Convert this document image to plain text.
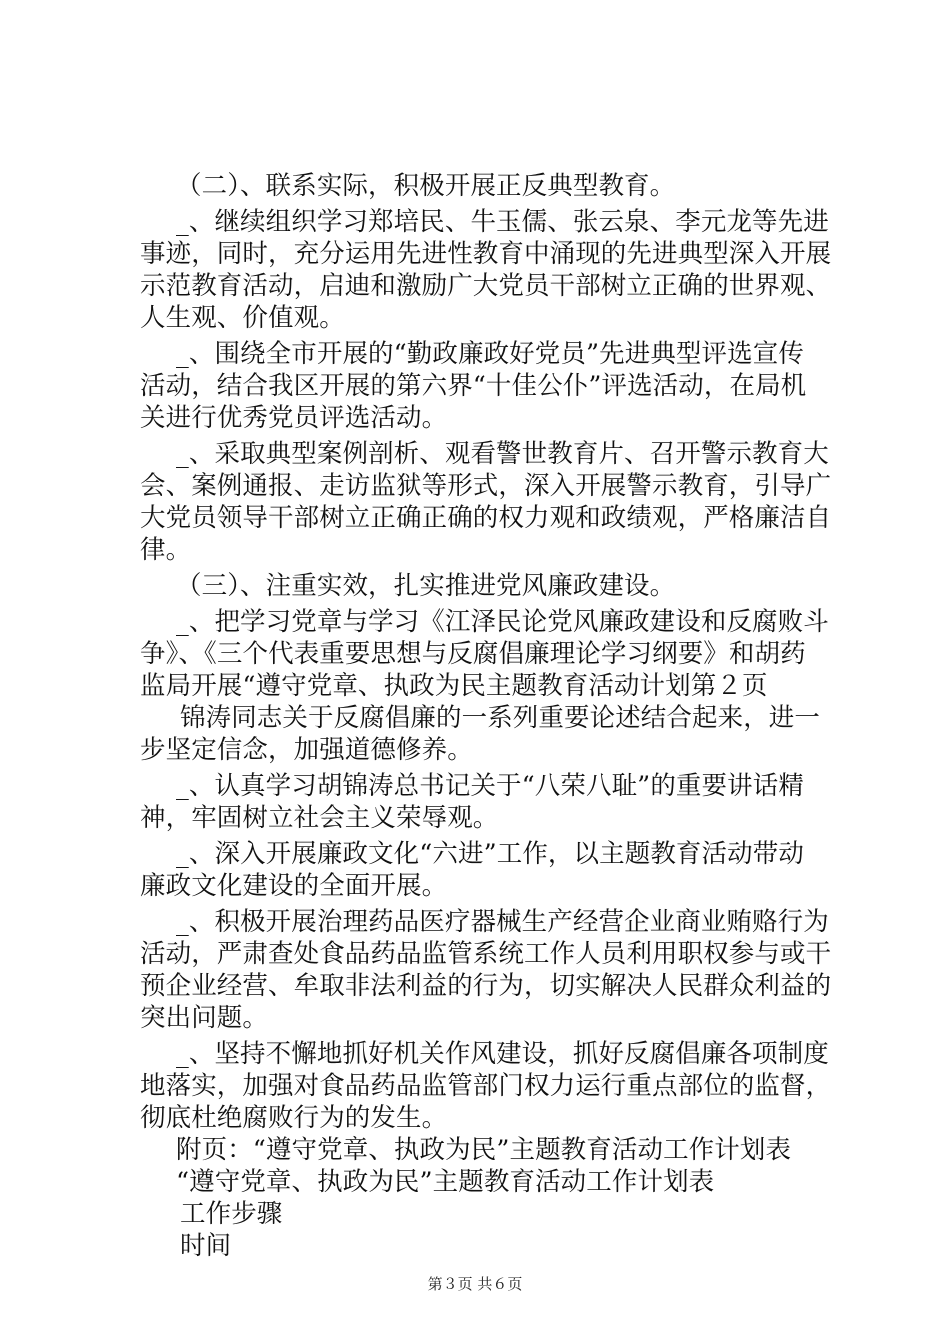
（二）、联系实际，积极开展正反典型教育。
_、继续组织学习郑培民、牛玉儒、张云泉、李元龙等先进
事迹，同时，充分运用先进性教育中涌现的先进典型深入开展
示范教育活动，启迪和激励广大党员干部树立正确的世界观、
人生观、价值观。
_、围绕全市开展的“勤政廉政好党员”先进典型评选宣传
活动，结合我区开展的第六界“十佳公仆”评选活动，在局机
关进行优秀党员评选活动。
_、采取典型案例剖析、观看警世教育片、召开警示教育大
会、案例通报、走访监狱等形式，深入开展警示教育，引导广
大党员领导干部树立正确正确的权力观和政绩观，严格廉洁自
律。
（三）、注重实效，扎实推进党风廉政建设。
_、把学习党章与学习《江泽民论党风廉政建设和反腐败斗
争》、《三个代表重要思想与反腐倡廉理论学习纲要》和胡药
监局开展“遵守党章、执政为民主题教育活动计划第２页
锦涛同志关于反腐倡廉的一系列重要论述结合起来，进一
步坚定信念，加强道德修养。
_、认真学习胡锦涛总书记关于“八荣八耻”的重要讲话精
神，牢固树立社会主义荣辱观。
_、深入开展廉政文化“六进”工作，以主题教育活动带动
廉政文化建设的全面开展。
_、积极开展治理药品医疗器械生产经营企业商业贿赂行为
活动，严肃查处食品药品监管系统工作人员利用职权参与或干
预企业经营、牟取非法利益的行为，切实解决人民群众利益的
突出问题。
_、坚持不懈地抓好机关作风建设，抓好反腐倡廉各项制度
地落实，加强对食品药品监管部门权力运行重点部位的监督，
彻底杜绝腐败行为的发生。
附页：“遵守党章、执政为民”主题教育活动工作计划表
“遵守党章、执政为民”主题教育活动工作计划表
工作步骤
时间
第３页 共６页
